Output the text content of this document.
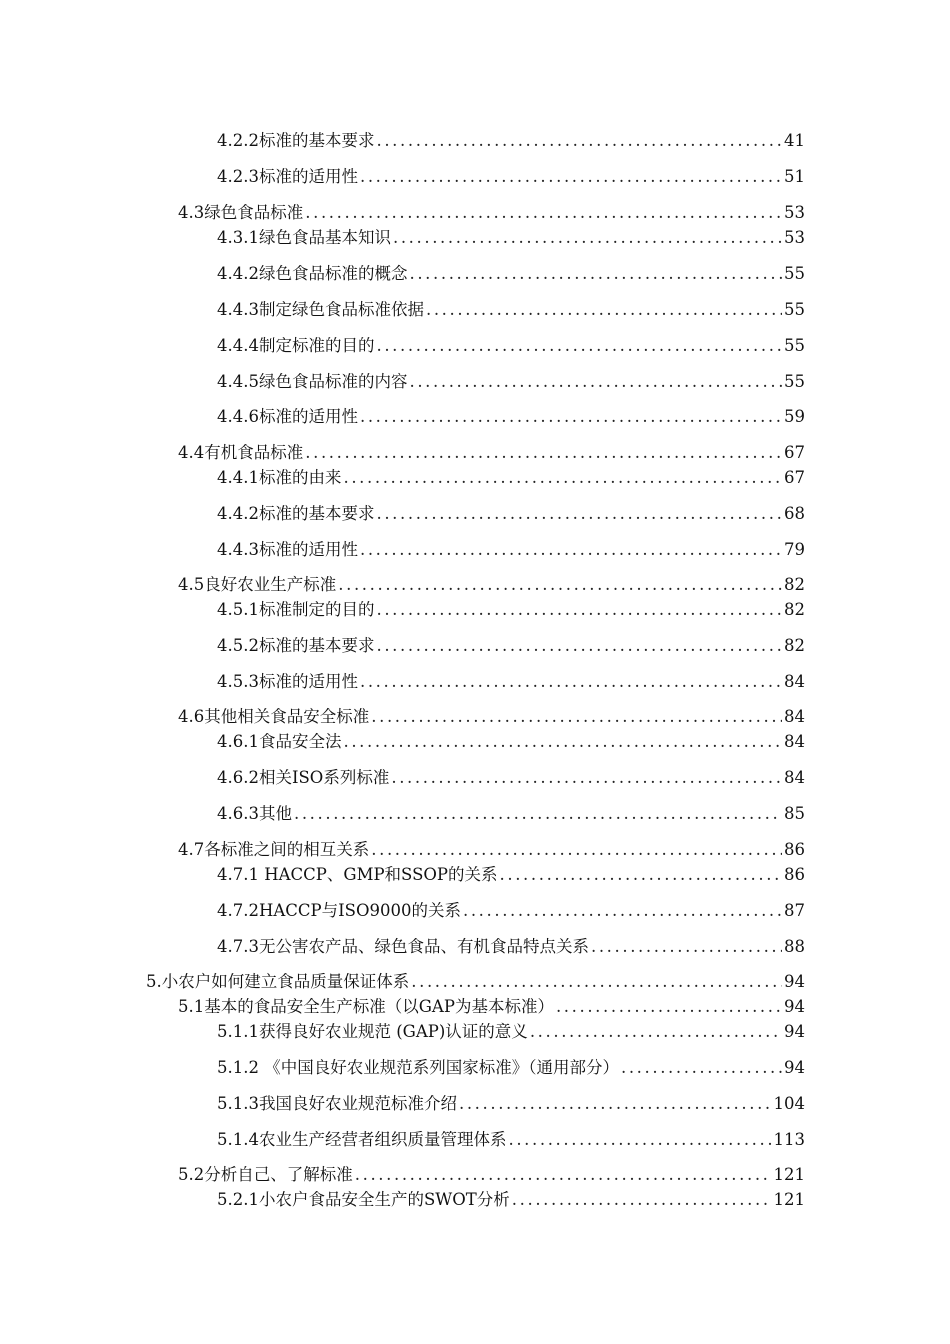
4.2.2标准的基本要求 .....	41
4.2.3标准的适用性 .....	51
4.3绿色食品标准 .....	53
4.3.1绿色食品基本知识 .....	53
4.4.2绿色食品标准的概念 .....	55
4.4.3制定绿色食品标准依据 .....	55
4.4.4制定标准的目的 .....	55
4.4.5绿色食品标准的内容 .....	55
4.4.6标准的适用性 .....	59
4.4有机食品标准 .....	67
4.4.1标准的由来 .....	67
4.4.2标准的基本要求 .....	68
4.4.3标准的适用性 .....	79
4.5良好农业生产标准 .....	82
4.5.1标准制定的目的 .....	82
4.5.2标准的基本要求 .....	82
4.5.3标准的适用性 .....	84
4.6其他相关食品安全标准 .....	84
4.6.1食品安全法 .....	84
4.6.2相关ISO系列标准 .....	84
4.6.3其他 .....	85
4.7各标准之间的相互关系 .....	86
4.7.1 HACCP、GMP和SSOP的关系 .....	86
4.7.2HACCP与ISO9000的关系 .....	87
4.7.3无公害农产品、绿色食品、有机食品特点关系 .....	88
5.小农户如何建立食品质量保证体系 .....	94
5.1基本的食品安全生产标准（以GAP为基本标准） .....	94
5.1.1获得良好农业规范 (GAP)认证的意义 .....	94
5.1.2 《中国良好农业规范系列国家标准》（通用部分） .....	94
5.1.3我国良好农业规范标准介绍 .....	104
5.1.4农业生产经营者组织质量管理体系 .....	113
5.2分析自己、了解标准 .....	121
5.2.1小农户食品安全生产的SWOT分析 .....	121
